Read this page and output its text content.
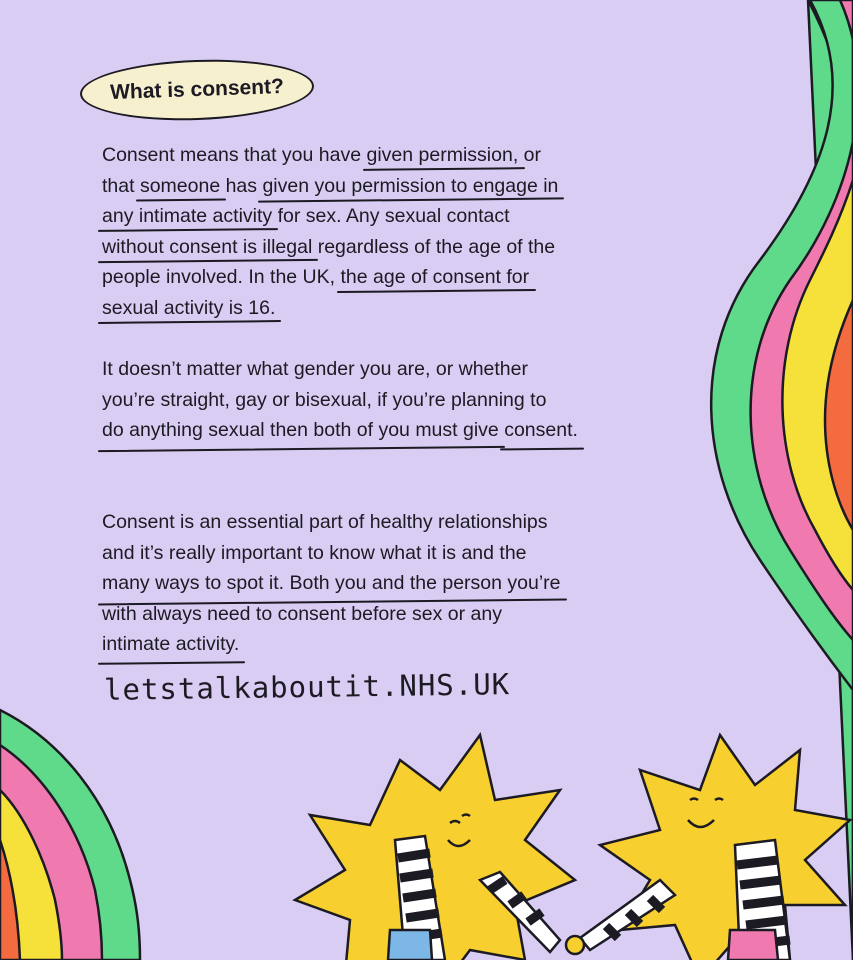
What is consent?
Consent means that you have given permission, or
that someone has given you permission to engage in
any intimate activity for sex. Any sexual contact
without consent is illegal regardless of the age of the
people involved. In the UK, the age of consent for
sexual activity is 16.
It doesn’t matter what gender you are, or whether
you’re straight, gay or bisexual, if you’re planning to
do anything sexual then both of you must give consent.
Consent is an essential part of healthy relationships
and it’s really important to know what it is and the
many ways to spot it. Both you and the person you’re
with always need to consent before sex or any
intimate activity.
letstalkaboutit.NHS.UK
